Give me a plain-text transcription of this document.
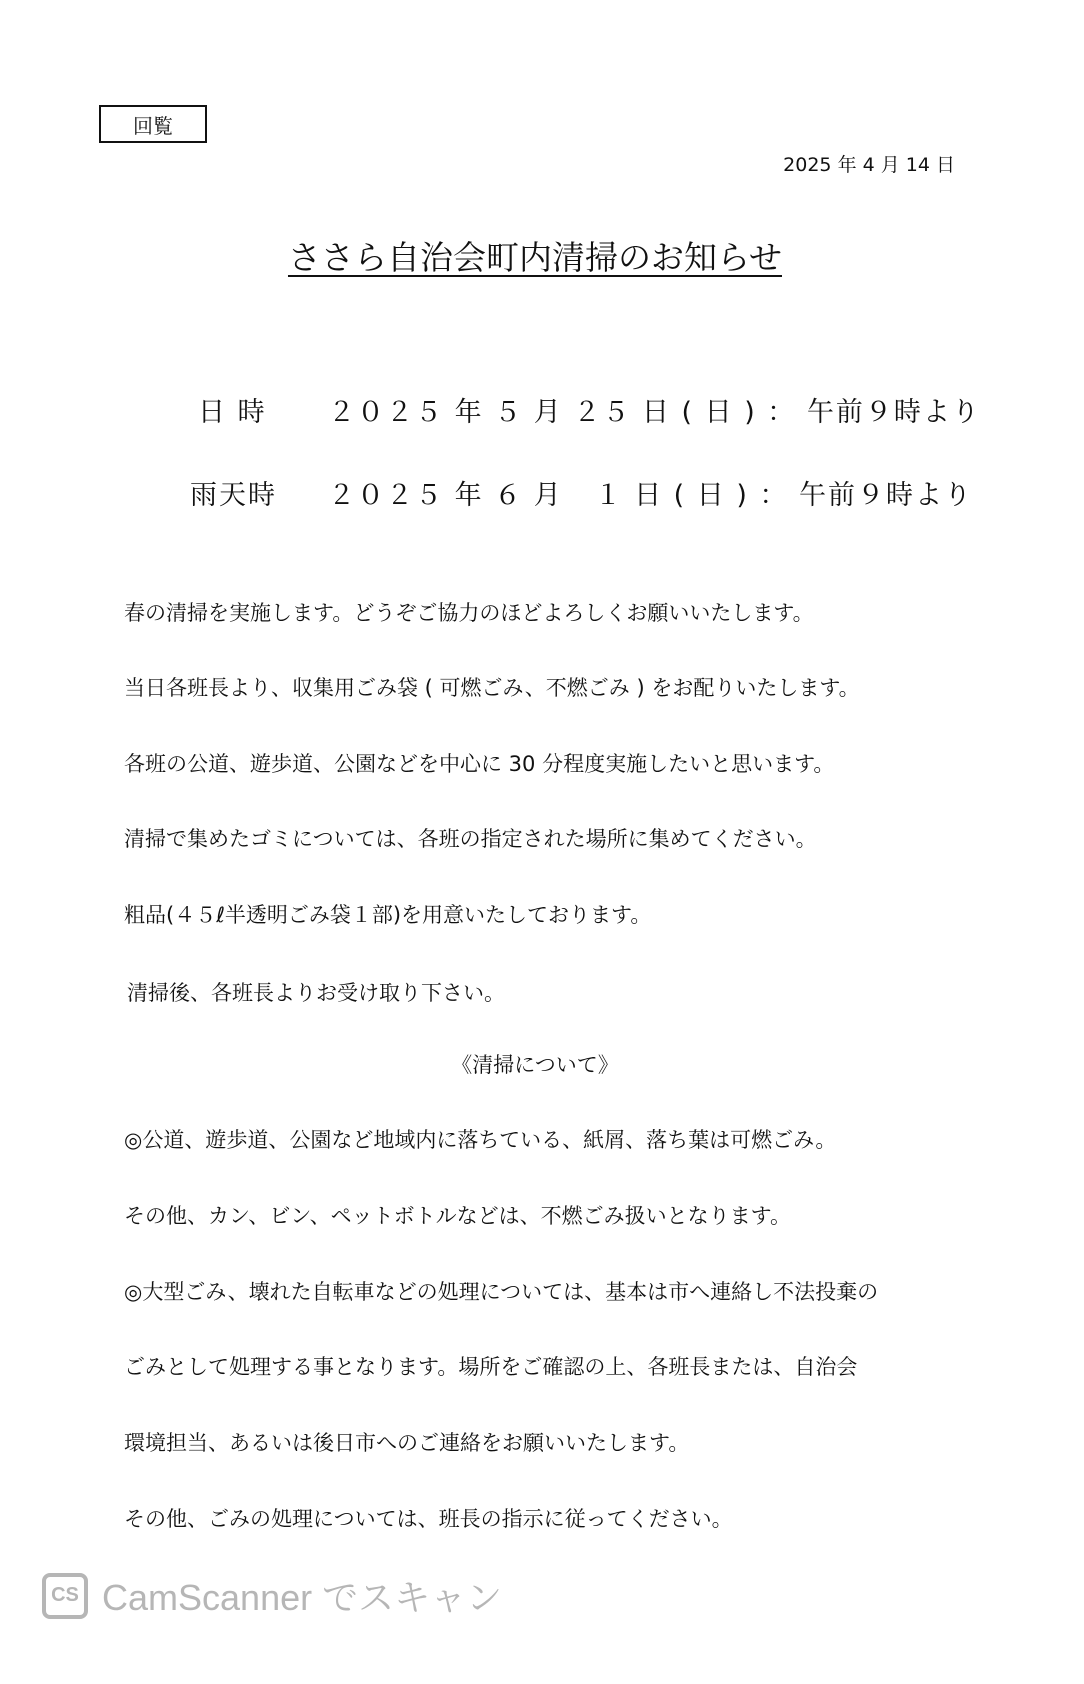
回覧
2025 年 4 月 14 日
ささら自治会町内清掃のお知らせ
日 時 ２０２５ 年 ５ 月 ２５ 日 ( 日 ) ： 午前９時より
雨天時 ２０２５ 年 ６ 月   １ 日 ( 日 ) ： 午前９時より
春の清掃を実施します。どうぞご協力のほどよろしくお願いいたします。
当日各班長より、収集用ごみ袋 ( 可燃ごみ、不燃ごみ ) をお配りいたします。
各班の公道、遊歩道、公園などを中心に 30 分程度実施したいと思います。
清掃で集めたゴミについては、各班の指定された場所に集めてください。
粗品(４５ℓ半透明ごみ袋１部)を用意いたしております。
清掃後、各班長よりお受け取り下さい。
《清掃について》
◎公道、遊歩道、公園など地域内に落ちている、紙屑、落ち葉は可燃ごみ。
その他、カン、ビン、ペットボトルなどは、不燃ごみ扱いとなります。
◎大型ごみ、壊れた自転車などの処理については、基本は市へ連絡し不法投棄の
ごみとして処理する事となります。場所をご確認の上、各班長または、自治会
環境担当、あるいは後日市へのご連絡をお願いいたします。
その他、ごみの処理については、班長の指示に従ってください。
CS CamScanner でスキャン
